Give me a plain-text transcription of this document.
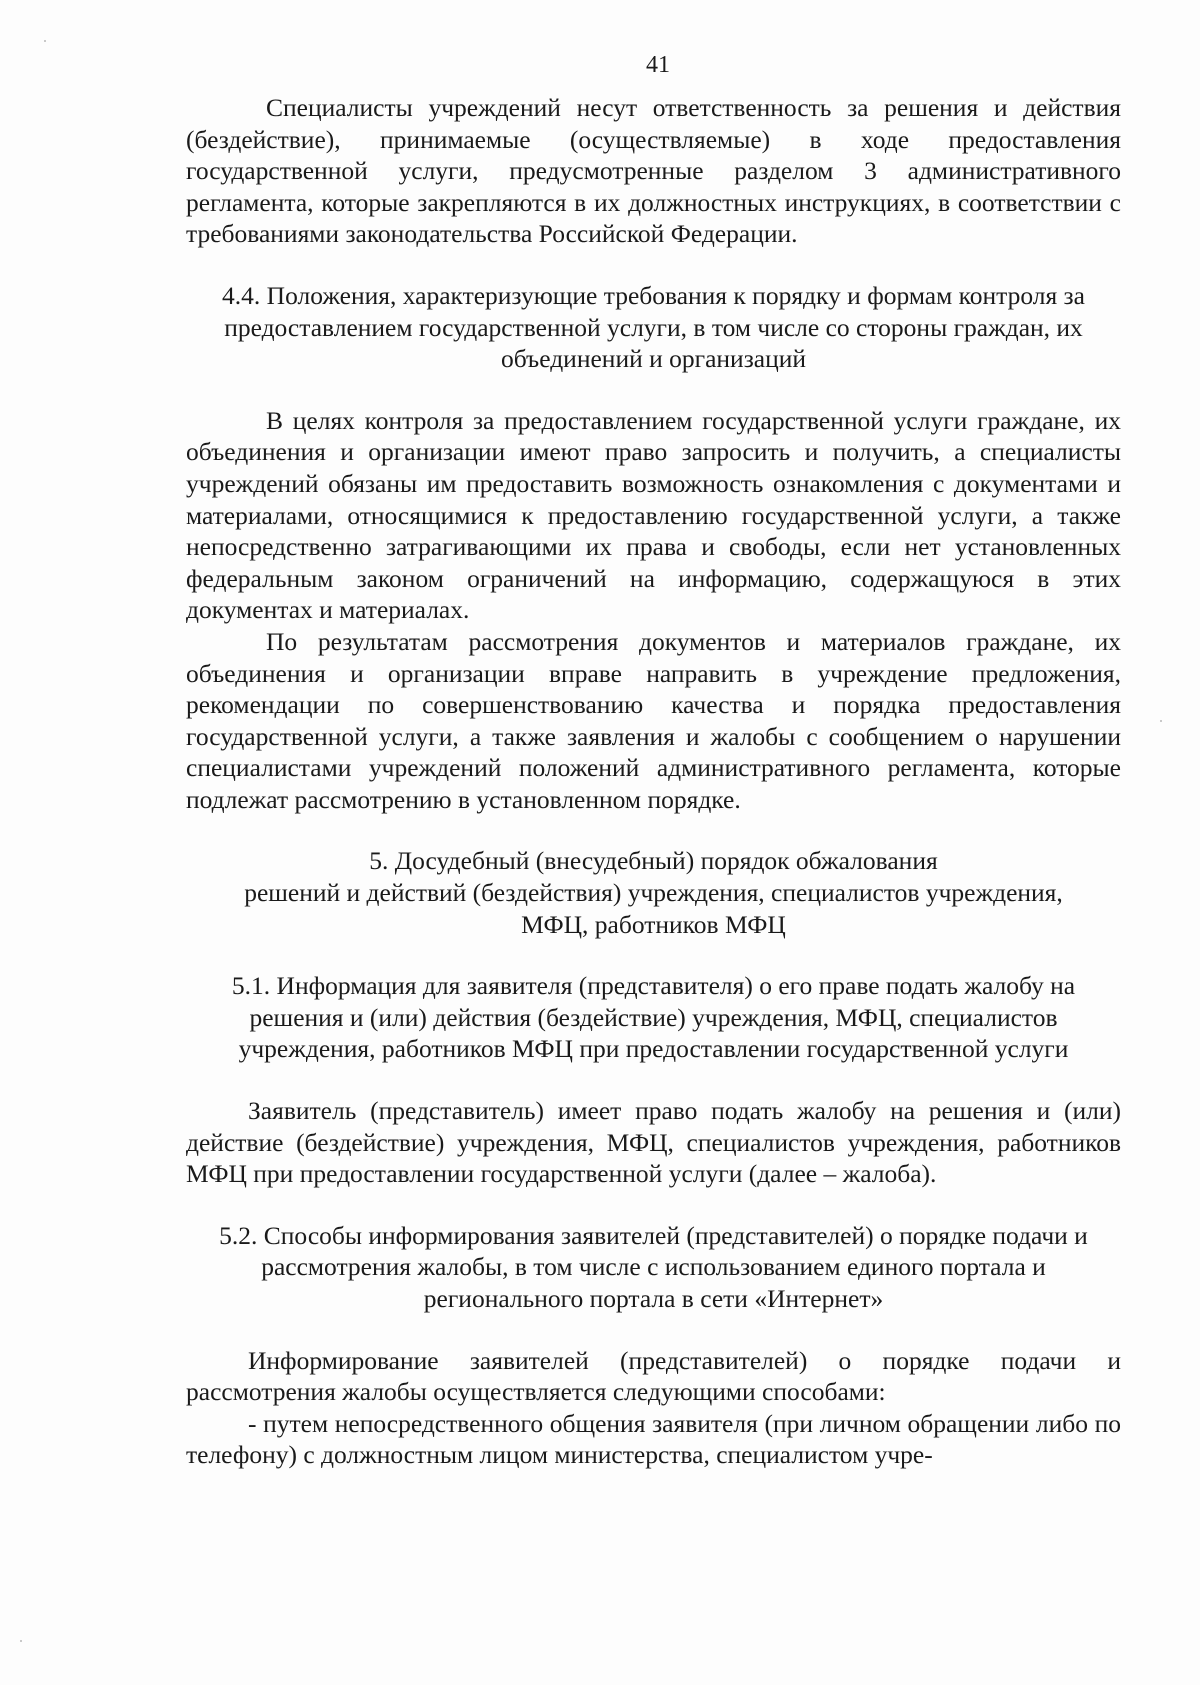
41

Специалисты учреждений несут ответственность за решения и действия (бездействие), принимаемые (осуществляемые) в ходе предоставления государственной услуги, предусмотренные разделом 3 административного регламента, которые закрепляются в их должностных инструкциях, в соответствии с требованиями законодательства Российской Федерации.

4.4. Положения, характеризующие требования к порядку и формам контроля за предоставлением государственной услуги, в том числе со стороны граждан, их объединений и организаций

В целях контроля за предоставлением государственной услуги граждане, их объединения и организации имеют право запросить и получить, а специалисты учреждений обязаны им предоставить возможность ознакомления с документами и материалами, относящимися к предоставлению государственной услуги, а также непосредственно затрагивающими их права и свободы, если нет установленных федеральным законом ограничений на информацию, содержащуюся в этих документах и материалах.

По результатам рассмотрения документов и материалов граждане, их объединения и организации вправе направить в учреждение предложения, рекомендации по совершенствованию качества и порядка предоставления государственной услуги, а также заявления и жалобы с сообщением о нарушении специалистами учреждений положений административного регламента, которые подлежат рассмотрению в установленном порядке.

5. Досудебный (внесудебный) порядок обжалования

решений и действий (бездействия) учреждения, специалистов учреждения,

МФЦ, работников МФЦ

5.1. Информация для заявителя (представителя) о его праве подать жалобу на решения и (или) действия (бездействие) учреждения, МФЦ, специалистов учреждения, работников МФЦ при предоставлении государственной услуги

Заявитель (представитель) имеет право подать жалобу на решения и (или) действие (бездействие) учреждения, МФЦ, специалистов учреждения, работников МФЦ при предоставлении государственной услуги (далее – жалоба).

5.2. Способы информирования заявителей (представителей) о порядке подачи и рассмотрения жалобы, в том числе с использованием единого портала и регионального портала в сети «Интернет»

Информирование заявителей (представителей) о порядке подачи и рассмотрения жалобы осуществляется следующими способами:

- путем непосредственного общения заявителя (при личном обращении либо по телефону) с должностным лицом министерства, специалистом учре-
